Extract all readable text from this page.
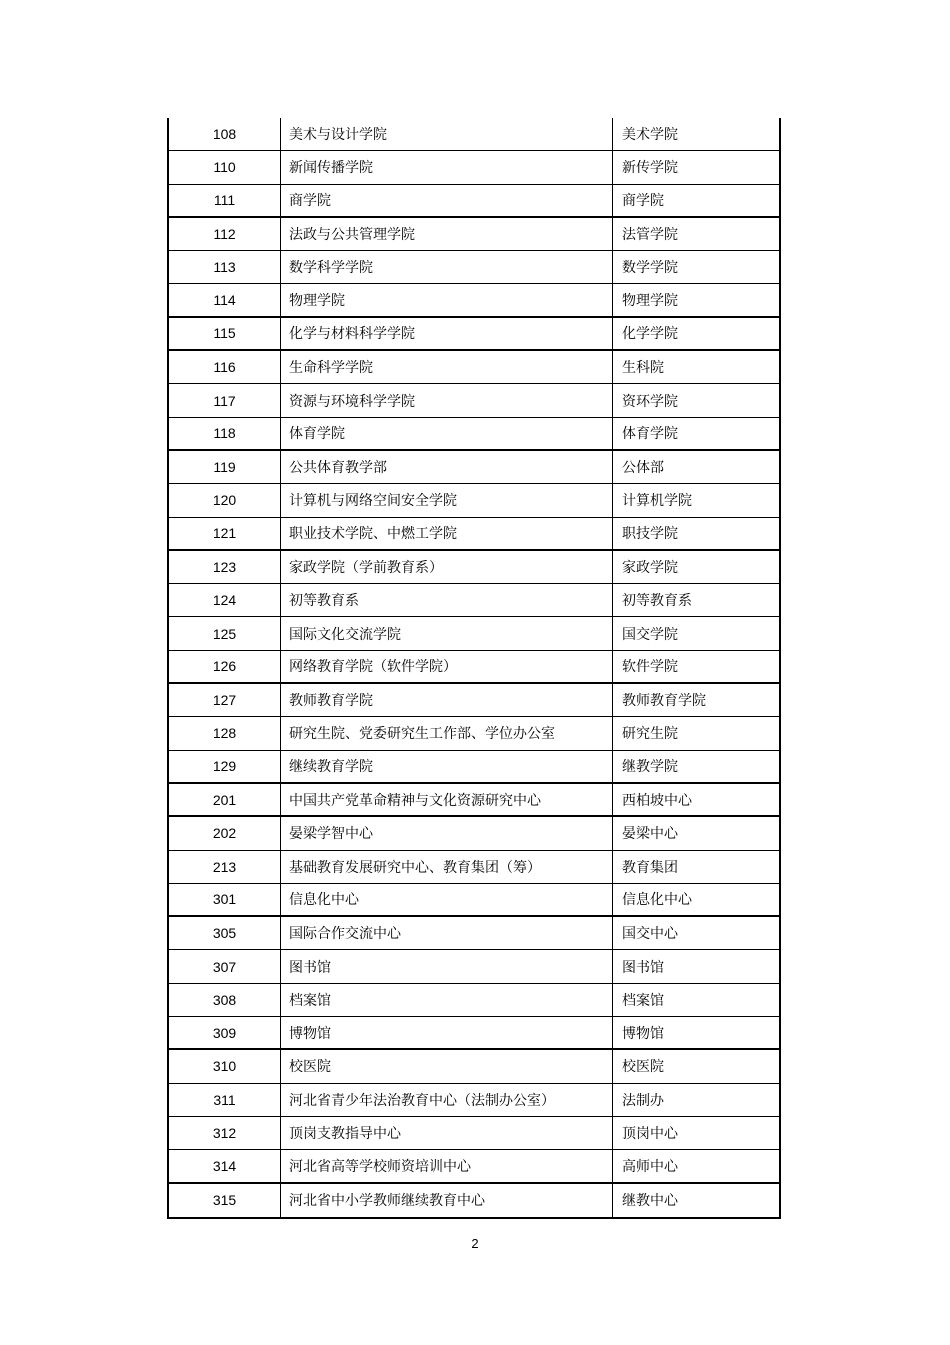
108	美术与设计学院	美术学院
110	新闻传播学院	新传学院
111	商学院	商学院
112	法政与公共管理学院	法管学院
113	数学科学学院	数学学院
114	物理学院	物理学院
115	化学与材料科学学院	化学学院
116	生命科学学院	生科院
117	资源与环境科学学院	资环学院
118	体育学院	体育学院
119	公共体育教学部	公体部
120	计算机与网络空间安全学院	计算机学院
121	职业技术学院、中燃工学院	职技学院
123	家政学院（学前教育系）	家政学院
124	初等教育系	初等教育系
125	国际文化交流学院	国交学院
126	网络教育学院（软件学院）	软件学院
127	教师教育学院	教师教育学院
128	研究生院、党委研究生工作部、学位办公室	研究生院
129	继续教育学院	继教学院
201	中国共产党革命精神与文化资源研究中心	西柏坡中心
202	晏梁学智中心	晏梁中心
213	基础教育发展研究中心、教育集团（筹）	教育集团
301	信息化中心	信息化中心
305	国际合作交流中心	国交中心
307	图书馆	图书馆
308	档案馆	档案馆
309	博物馆	博物馆
310	校医院	校医院
311	河北省青少年法治教育中心（法制办公室）	法制办
312	顶岗支教指导中心	顶岗中心
314	河北省高等学校师资培训中心	高师中心
315	河北省中小学教师继续教育中心	继教中心
2
